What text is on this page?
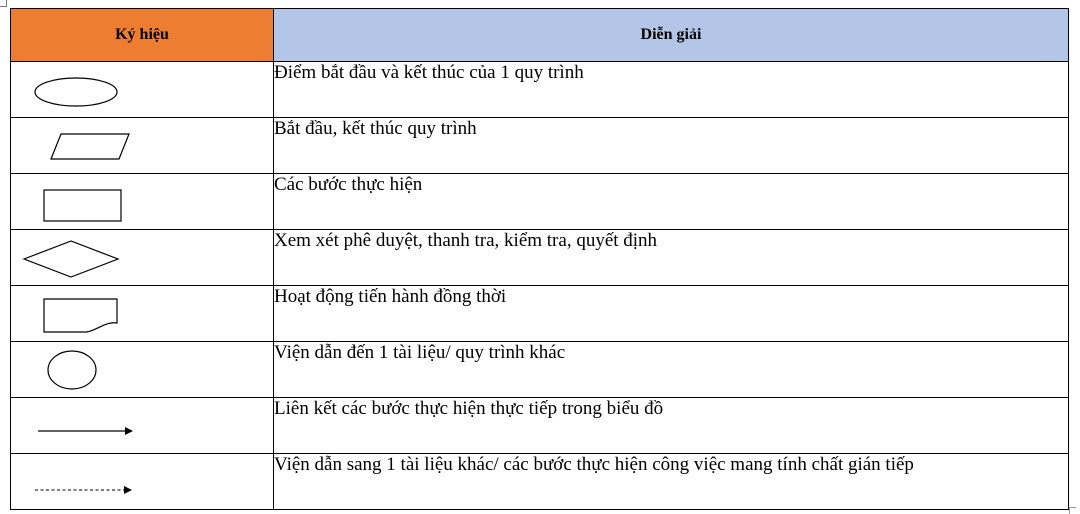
Ký hiệu	Diễn giải

	Điểm bắt đầu và kết thúc của 1 quy trình

	Bắt đầu, kết thúc quy trình

	Các bước thực hiện

	Xem xét phê duyệt, thanh tra, kiểm tra, quyết định

	Hoạt động tiến hành đồng thời

	Viện dẫn đến 1 tài liệu/ quy trình khác

	Liên kết các bước thực hiện thực tiếp trong biểu đồ

	Viện dẫn sang 1 tài liệu khác/ các bước thực hiện công việc mang tính chất gián tiếp
